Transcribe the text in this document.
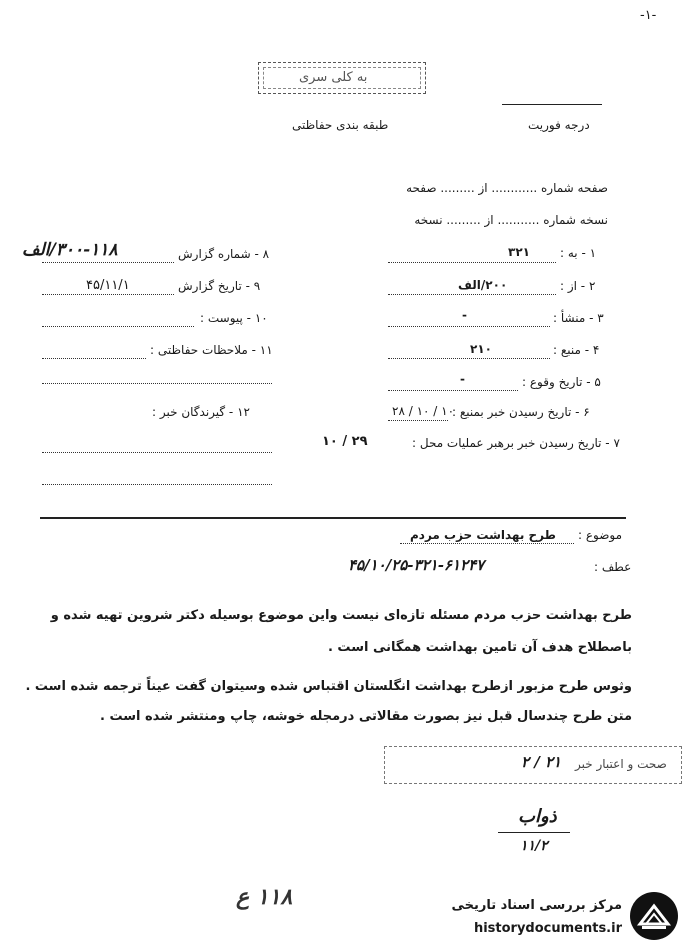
-۱-
به کلی سری
درجه فوریت
طبقه بندی حفاظتی
صفحه شماره ............ از ......... صفحه
نسخه شماره ........... از ......... نسخه
۱ - به :
۳۲۱
۲ - از :
۲۰۰/الف
۳ - منشأ :
-
۴ - منبع :
۲۱۰
۵ - تاریخ وقوع :
-
۶ - تاریخ رسیدن خبر بمنبع :
۲۸ / ۱۰ / ۱۰
۷ - تاریخ رسیدن خبر برهبر عملیات محل :
۱۰ / ۲۹
۸ - شماره گزارش
۳۰۰-۱۱۸/الف
۹ - تاریخ گزارش
۴۵/۱۱/۱
۱۰ - پیوست :
۱۱ - ملاحظات حفاظتی :
۱۲ - گیرندگان خبر :
موضوع :
طرح بهداشت حزب مردم
عطف :
۴۵/۱۰/۲۵-۳۲۱-۶۱۲۴۷
طرح بهداشت حزب مردم مسئله تازه‌ای نیست واین موضوع بوسیله دکتر شروین تهیه شده و
باصطلاح هدف آن تامین بهداشت همگانی است .
وثوس طرح مزبور ازطرح بهداشت انگلستان اقتباس شده وسیتوان گفت عیناً ترجمه شده است .
متن طرح چندسال قبل نیز بصورت مقالاتی درمجله خوشه، چاپ ومنتشر شده است .
صحت و اعتبار خبر
۲ / ۲۱
ذواب
۱۱/۲
۱۱۸ ع	مرکز بررسی اسناد تاریخی
historydocuments.ir
